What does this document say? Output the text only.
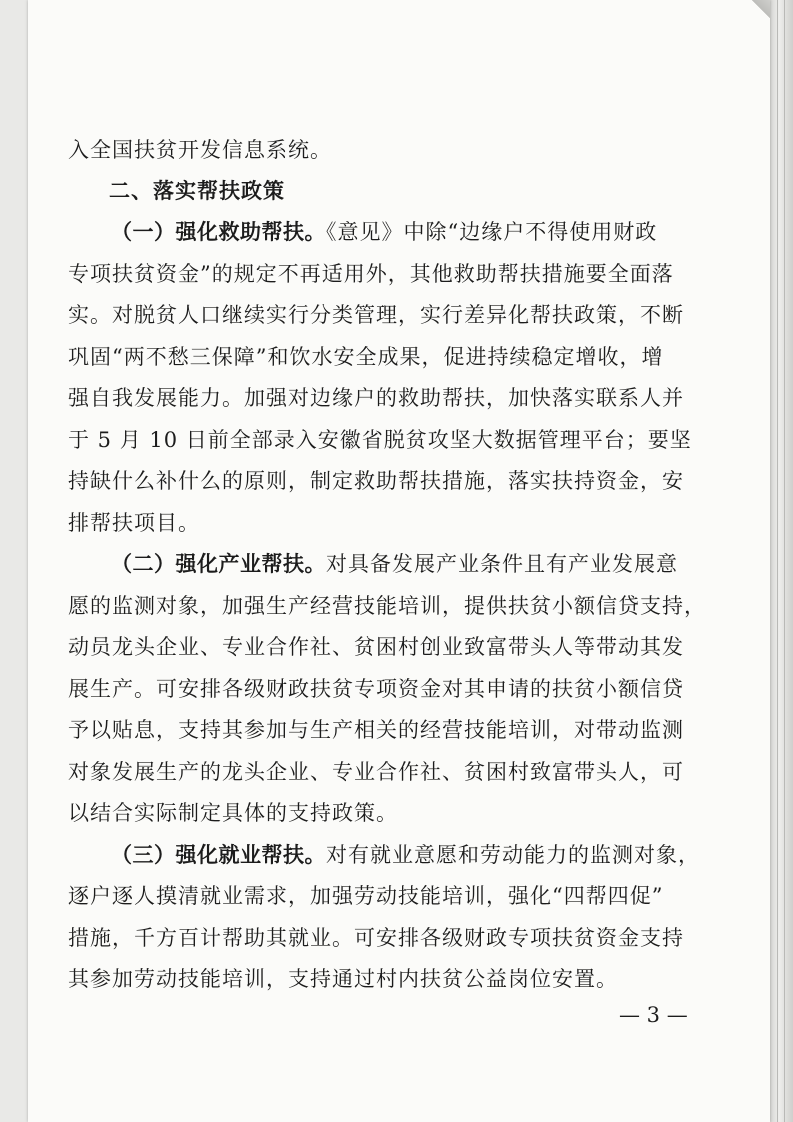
入全国扶贫开发信息系统。
二、落实帮扶政策
（一）强化救助帮扶。《意见》中除“边缘户不得使用财政
专项扶贫资金”的规定不再适用外，其他救助帮扶措施要全面落
实。对脱贫人口继续实行分类管理，实行差异化帮扶政策，不断
巩固“两不愁三保障”和饮水安全成果，促进持续稳定增收，增
强自我发展能力。加强对边缘户的救助帮扶，加快落实联系人并
于 5 月 10 日前全部录入安徽省脱贫攻坚大数据管理平台；要坚
持缺什么补什么的原则，制定救助帮扶措施，落实扶持资金，安
排帮扶项目。
（二）强化产业帮扶。对具备发展产业条件且有产业发展意
愿的监测对象，加强生产经营技能培训，提供扶贫小额信贷支持，
动员龙头企业、专业合作社、贫困村创业致富带头人等带动其发
展生产。可安排各级财政扶贫专项资金对其申请的扶贫小额信贷
予以贴息，支持其参加与生产相关的经营技能培训，对带动监测
对象发展生产的龙头企业、专业合作社、贫困村致富带头人，可
以结合实际制定具体的支持政策。
（三）强化就业帮扶。对有就业意愿和劳动能力的监测对象，
逐户逐人摸清就业需求，加强劳动技能培训，强化“四帮四促”
措施，千方百计帮助其就业。可安排各级财政专项扶贫资金支持
其参加劳动技能培训，支持通过村内扶贫公益岗位安置。
— 3 —
